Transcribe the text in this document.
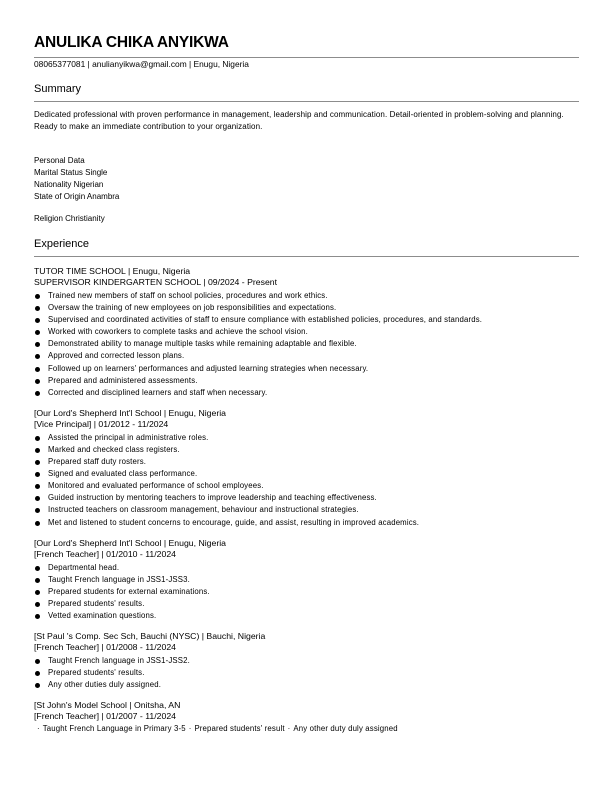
ANULIKA CHIKA ANYIKWA
08065377081 | anulianyikwa@gmail.com | Enugu, Nigeria
Summary
Dedicated professional with proven performance in management, leadership and communication. Detail-oriented in problem-solving and planning. Ready to make an immediate contribution to your organization.
Personal Data
Marital Status Single
Nationality Nigerian
State of Origin Anambra
Religion Christianity
Experience
TUTOR TIME SCHOOL | Enugu, Nigeria
SUPERVISOR KINDERGARTEN SCHOOL | 09/2024 - Present
Trained new members of staff on school policies, procedures and work ethics.
Oversaw the training of new employees on job responsibilities and expectations.
Supervised and coordinated activities of staff to ensure compliance with established policies, procedures, and standards.
Worked with coworkers to complete tasks and achieve the school vision.
Demonstrated ability to manage multiple tasks while remaining adaptable and flexible.
Approved and corrected lesson plans.
Followed up on learners' performances and adjusted learning strategies when necessary.
Prepared and administered assessments.
Corrected and disciplined learners and staff when necessary.
[Our Lord's Shepherd Int'l School | Enugu, Nigeria
[Vice Principal] | 01/2012 - 11/2024
Assisted the principal in administrative roles.
Marked and checked class registers.
Prepared staff duty rosters.
Signed and evaluated class performance.
Monitored and evaluated performance of school employees.
Guided instruction by mentoring teachers to improve leadership and teaching effectiveness.
Instructed teachers on classroom management, behaviour and instructional strategies.
Met and listened to student concerns to encourage, guide, and assist, resulting in improved academics.
[Our Lord's Shepherd Int'l School | Enugu, Nigeria
[French Teacher] | 01/2010 - 11/2024
Departmental head.
Taught French language in JSS1-JSS3.
Prepared students for external examinations.
Prepared students' results.
Vetted examination questions.
[St Paul 's Comp. Sec Sch, Bauchi (NYSC) | Bauchi, Nigeria
[French Teacher] | 01/2008 - 11/2024
Taught French language in JSS1-JSS2.
Prepared students' results.
Any other duties duly assigned.
[St John's Model School | Onitsha, AN
[French Teacher] | 01/2007 - 11/2024
· Taught French Language in Primary 3-5 · Prepared students' result · Any other duty duly assigned
